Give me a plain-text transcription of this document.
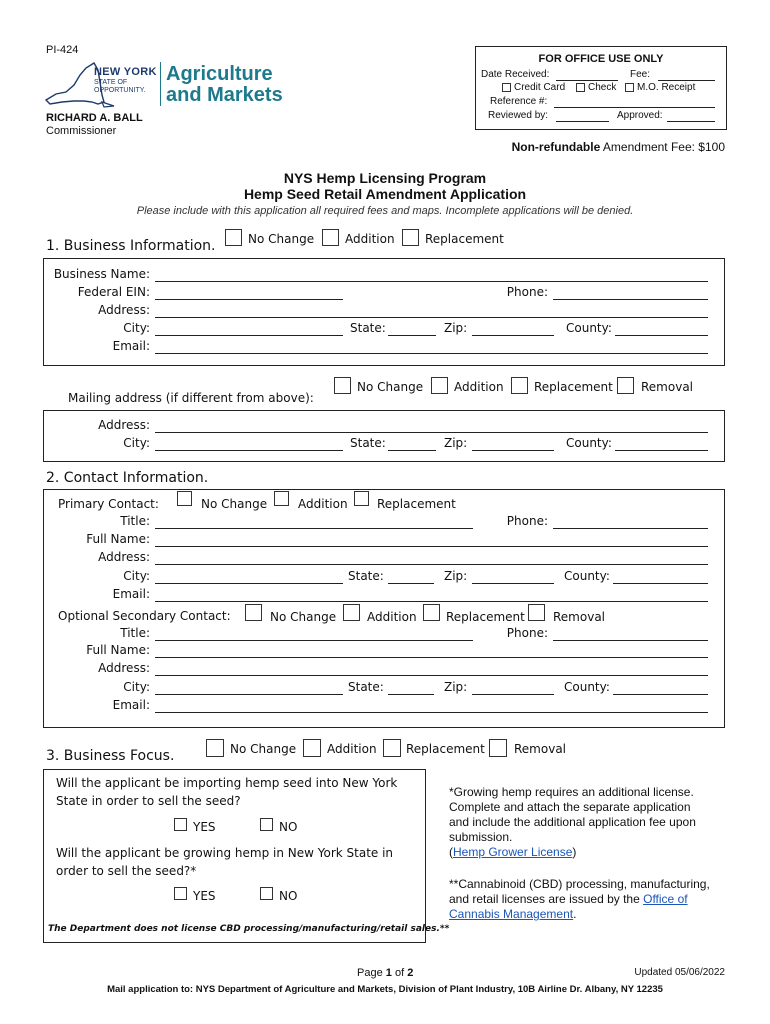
PI-424
NEW YORK
STATE OF
OPPORTUNITY.
Agriculture
and Markets
RICHARD A. BALL
Commissioner
FOR OFFICE USE ONLY
Date Received:	Fee:
Credit Card Check M.O. Receipt
Reference #:
Reviewed by:	Approved:
Non-refundable Amendment Fee: $100
NYS Hemp Licensing Program
Hemp Seed Retail Amendment Application
Please include with this application all required fees and maps. Incomplete applications will be denied.
1. Business Information.	No Change	Addition	Replacement
Business Name:
Federal EIN:	Phone:
Address:
City:	State:	Zip:	County:
Email:
Mailing address (if different from above):
No Change	Addition	Replacement Removal
Address:
City:	State:	Zip:	County:
2. Contact Information.
Primary Contact:	No Change	Addition Replacement
Title:	Phone:
Full Name:
Address:
City:	State:	Zip:	County:
Email:
Optional Secondary Contact:	No Change	Addition Replacement Removal
Title:	Phone:
Full Name:
Address:
City:	State:	Zip:	County:
Email:
3. Business Focus.	No Change	Addition Replacement Removal
Will the applicant be importing hemp seed into New York
State in order to sell the seed?
YES	NO
Will the applicant be growing hemp in New York State in
order to sell the seed?*
YES	NO
The Department does not license CBD processing/manufacturing/retail sales.**
*Growing hemp requires an additional license.
Complete and attach the separate application
and include the additional application fee upon
submission.
(Hemp Grower License)
**Cannabinoid (CBD) processing, manufacturing,
and retail licenses are issued by the Office of
Cannabis Management.
Page 1 of 2	Updated 05/06/2022
Mail application to: NYS Department of Agriculture and Markets, Division of Plant Industry, 10B Airline Dr. Albany, NY 12235
